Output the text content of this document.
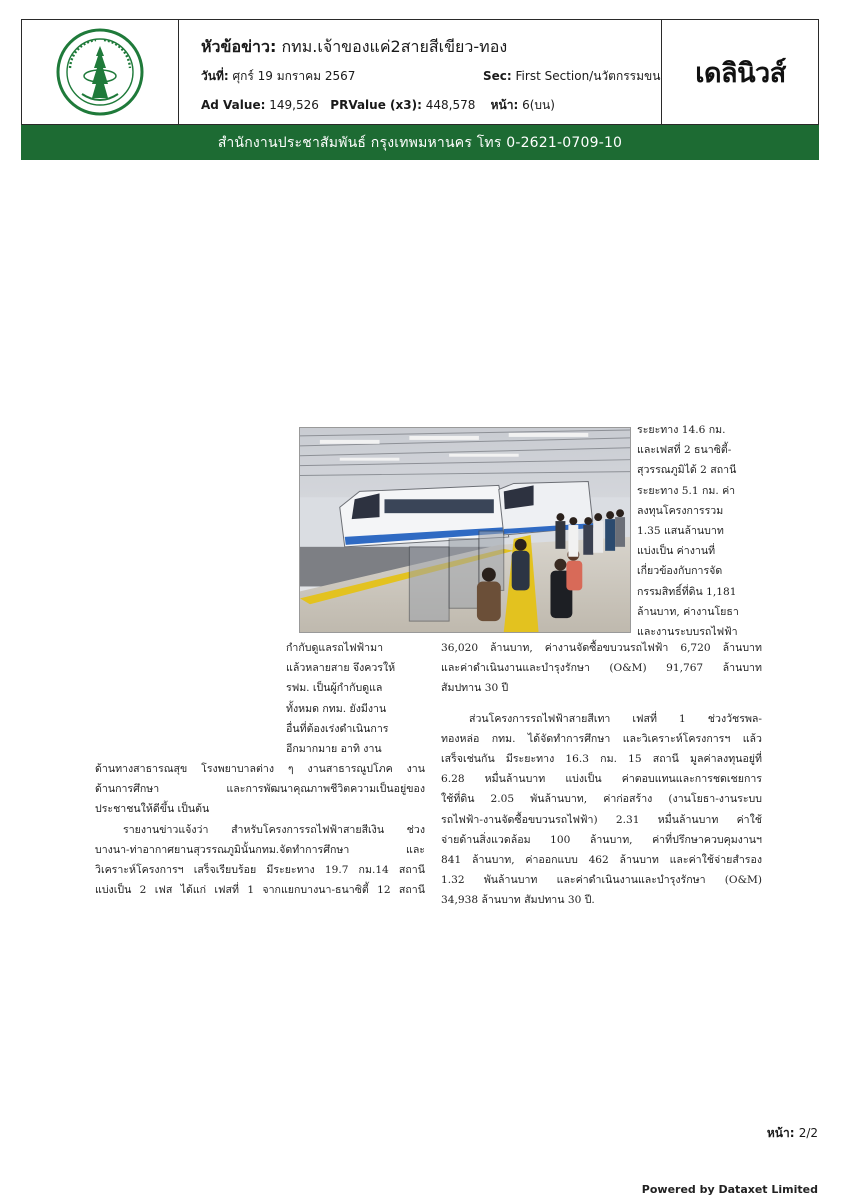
หัวข้อข่าว: กทม.เจ้าของแค่2สายสีเขียว-ทอง
วันที่: ศุกร์ 19 มกราคม 2567	Sec: First Section/นวัตกรรมขน
Ad Value: 149,526 PRValue (x3): 448,578 หน้า: 6(บน)
เดลินิวส์
สำนักงานประชาสัมพันธ์ กรุงเทพมหานคร โทร 0-2621-0709-10

ระยะทาง 14.6 กม.

และเฟสที่ 2 ธนาซิตี้-

สุวรรณภูมิได้ 2 สถานี

ระยะทาง 5.1 กม. ค่า

ลงทุนโครงการรวม

1.35 แสนล้านบาท

แบ่งเป็น ค่างานที่

เกี่ยวข้องกับการจัด

กรรมสิทธิ์ที่ดิน 1,181

ล้านบาท, ค่างานโยธา

และงานระบบรถไฟฟ้า

กำกับดูแลรถไฟฟ้ามา

แล้วหลายสาย จึงควรให้

รฟม. เป็นผู้กำกับดูแล

ทั้งหมด กทม. ยังมีงาน

อื่นที่ต้องเร่งดำเนินการ

อีกมากมาย อาทิ งาน

ด้านทางสาธารณสุข โรงพยาบาลต่าง ๆ งานสาธารณูปโภค งาน

ด้านการศึกษา และการพัฒนาคุณภาพชีวิตความเป็นอยู่ของ

ประชาชนให้ดีขึ้น เป็นต้น

รายงานข่าวแจ้งว่า สำหรับโครงการรถไฟฟ้าสายสีเงิน ช่วง

บางนา-ท่าอากาศยานสุวรรณภูมินั้นกทม.จัดทำการศึกษา และ

วิเคราะห์โครงการฯ เสร็จเรียบร้อย มีระยะทาง 19.7 กม.14 สถานี

แบ่งเป็น 2 เฟส ได้แก่ เฟสที่ 1 จากแยกบางนา-ธนาซิตี้ 12 สถานี

36,020 ล้านบาท, ค่างานจัดซื้อขบวนรถไฟฟ้า 6,720 ล้านบาท

และค่าดำเนินงานและบำรุงรักษา (O&M) 91,767 ล้านบาท

สัมปทาน 30 ปี

ส่วนโครงการรถไฟฟ้าสายสีเทา เฟสที่ 1 ช่วงวัชรพล-

ทองหล่อ กทม. ได้จัดทำการศึกษา และวิเคราะห์โครงการฯ แล้ว

เสร็จเช่นกัน มีระยะทาง 16.3 กม. 15 สถานี มูลค่าลงทุนอยู่ที่

6.28 หมื่นล้านบาท แบ่งเป็น ค่าตอบแทนและการชดเชยการ

ใช้ที่ดิน 2.05 พันล้านบาท, ค่าก่อสร้าง (งานโยธา-งานระบบ

รถไฟฟ้า-งานจัดซื้อขบวนรถไฟฟ้า) 2.31 หมื่นล้านบาท ค่าใช้

จ่ายด้านสิ่งแวดล้อม 100 ล้านบาท, ค่าที่ปรึกษาควบคุมงานฯ

841 ล้านบาท, ค่าออกแบบ 462 ล้านบาท และค่าใช้จ่ายสำรอง

1.32 พันล้านบาท และค่าดำเนินงานและบำรุงรักษา (O&M)

34,938 ล้านบาท สัมปทาน 30 ปี.

หน้า: 2/2
Powered by Dataxet Limited
